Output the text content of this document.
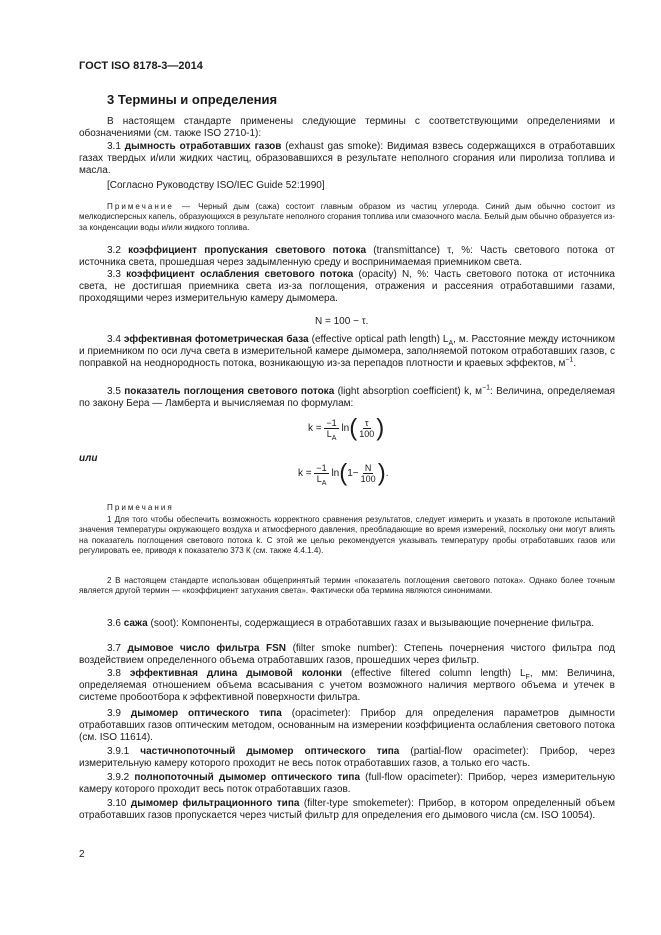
ГОСТ ISO 8178-3—2014
3 Термины и определения
В настоящем стандарте применены следующие термины с соответствующими определениями и обозначениями (см. также ISO 2710-1):
3.1 дымность отработавших газов (exhaust gas smoke): Видимая взвесь содержащихся в отработавших газах твердых и/или жидких частиц, образовавшихся в результате неполного сгорания или пиролиза топлива и масла.
[Согласно Руководству ISO/IEC Guide 52:1990]
Примечание — Черный дым (сажа) состоит главным образом из частиц углерода. Синий дым обычно состоит из мелкодисперсных капель, образующихся в результате неполного сгорания топлива или смазочного масла. Белый дым обычно образуется из-за конденсации воды и/или жидкого топлива.
3.2 коэффициент пропускания светового потока (transmittance) τ, %: Часть светового потока от источника света, прошедшая через задымленную среду и воспринимаемая приемником света.
3.3 коэффициент ослабления светового потока (opacity) N, %: Часть светового потока от источника света, не достигшая приемника света из-за поглощения, отражения и рассеяния отработавшими газами, проходящими через измерительную камеру дымомера.
N = 100 − τ.
3.4 эффективная фотометрическая база (effective optical path length) $L_A$, м. Расстояние между источником и приемником по оси луча света в измерительной камере дымомера, заполняемой потоком отработавших газов, с поправкой на неоднородность потока, возникающую из-за перепадов плотности и краевых эффектов, $м^{-1}$.
3.5 показатель поглощения светового потока (light absorption coefficient) k, $м^{-1}$: Величина, определяемая по закону Бера — Ламберта и вычисляемая по формулам:
$k = \frac{-1}{L_A} \ln( \frac{\tau}{100}$ )
или
$k = \frac{-1}{L_A} \ln(1- \frac{N}{100}$ ).
Примечания
1 Для того чтобы обеспечить возможность корректного сравнения результатов, следует измерить и указать в протоколе испытаний значения температуры окружающего воздуха и атмосферного давления, преобладающие во время измерений, поскольку они могут влиять на показатель поглощения светового потока k. С этой же целью рекомендуется указывать температуру пробы отработавших газов или регулировать ее, приводя к показателю 373 К (см. также 4.4.1.4).
2 В настоящем стандарте использован общепринятый термин «показатель поглощения светового потока». Однако более точным является другой термин — «коэффициент затухания света». Фактически оба термина являются синонимами.
3.6 сажа (soot): Компоненты, содержащиеся в отработавших газах и вызывающие почернение фильтра.
3.7 дымовое число фильтра FSN (filter smoke number): Степень почернения чистого фильтра под воздействием определенного объема отработавших газов, прошедших через фильтр.
3.8 эффективная длина дымовой колонки (effective filtered column length) $L_F$, мм: Величина, определяемая отношением объема всасывания с учетом возможного наличия мертвого объема и утечек в системе пробоотбора к эффективной поверхности фильтра.
3.9 дымомер оптического типа (opacimeter): Прибор для определения параметров дымности отработавших газов оптическим методом, основанным на измерении коэффициента ослабления светового потока (см. ISO 11614).
3.9.1 частичнопоточный дымомер оптического типа (partial-flow opacimeter): Прибор, через измерительную камеру которого проходит не весь поток отработавших газов, а только его часть.
3.9.2 полнопоточный дымомер оптического типа (full-flow opacimeter): Прибор, через измерительную камеру которого проходит весь поток отработавших газов.
3.10 дымомер фильтрационного типа (filter-type smokemeter): Прибор, в котором определенный объем отработавших газов пропускается через чистый фильтр для определения его дымового числа (см. ISO 10054).
2
